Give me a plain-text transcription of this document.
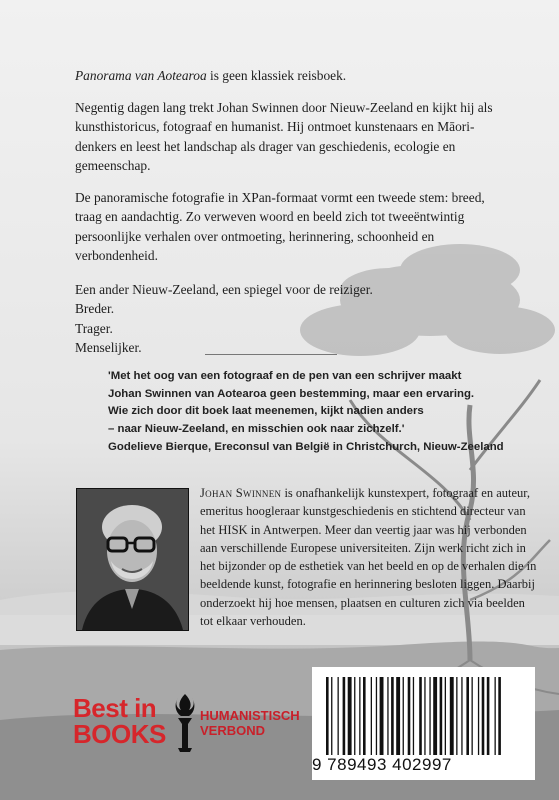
Panorama van Aotearoa is geen klassiek reisboek.

Negentig dagen lang trekt Johan Swinnen door Nieuw-Zeeland en kijkt hij als kunsthistoricus, fotograaf en humanist. Hij ontmoet kunstenaars en Māori-denkers en leest het landschap als drager van geschiedenis, ecologie en gemeenschap.

De panoramische fotografie in XPan-formaat vormt een tweede stem: breed, traag en aandachtig. Zo verweven woord en beeld zich tot tweeëntwintig persoonlijke verhalen over ontmoeting, herinnering, schoonheid en verbondenheid.

Een ander Nieuw-Zeeland, een spiegel voor de reiziger.
Breder.
Trager.
Menselijker.

'Met het oog van een fotograaf en de pen van een schrijver maakt
Johan Swinnen van Aotearoa geen bestemming, maar een ervaring.
Wie zich door dit boek laat meenemen, kijkt nadien anders
– naar Nieuw-Zeeland, en misschien ook naar zichzelf.'
Godelieve Bierque, Ereconsul van België in Christchurch, Nieuw-Zeeland
Johan Swinnen is onafhankelijk kunstexpert, fotograaf en auteur, emeritus hoogleraar kunstgeschiedenis en stichtend directeur van het HISK in Antwerpen. Meer dan veertig jaar was hij verbonden aan verschillende Europese universiteiten. Zijn werk richt zich in het bijzonder op de esthetiek van het beeld en op de verhalen die in beeldende kunst, fotografie en herinnering besloten liggen. Daarbij onderzoekt hij hoe mensen, plaatsen en culturen zich via beelden tot elkaar verhouden.
Best in
BOOKS
HUMANISTISCH
VERBOND
9 789493 402997
